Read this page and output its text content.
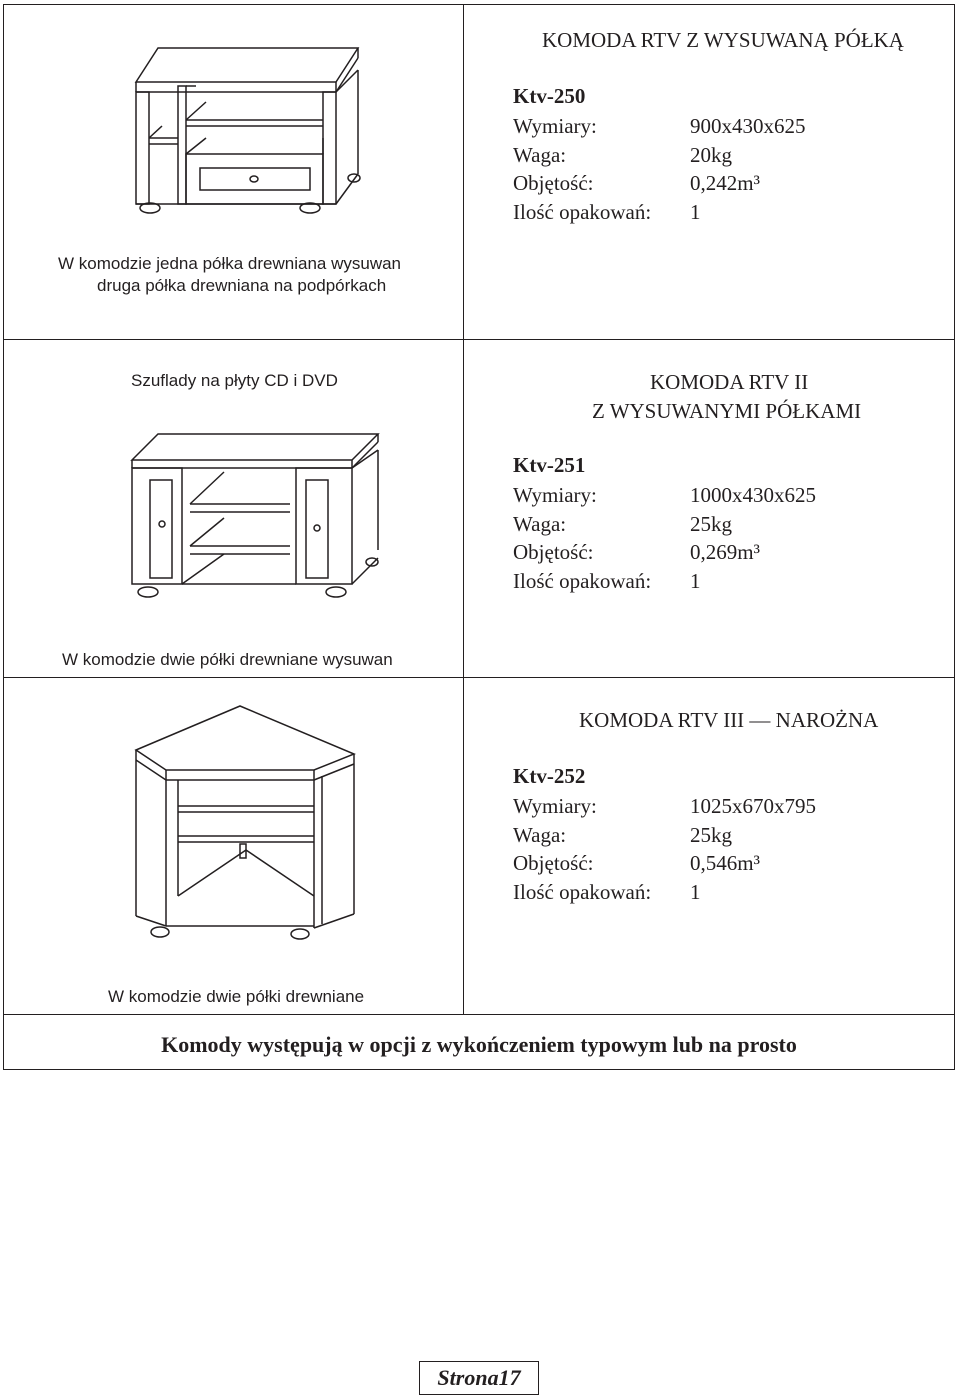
KOMODA RTV Z WYSUWANĄ PÓŁKĄ
Ktv-250
Wymiary:	900x430x625
Waga:	20kg
Objętość:	0,242m³
Ilość opakowań:	1
W komodzie jedna półka drewniana wysuwan
druga półka drewniana na podpórkach
Szuflady na płyty CD i DVD	KOMODA RTV II
Z WYSUWANYMI PÓŁKAMI
Ktv-251
Wymiary:	1000x430x625
Waga:	25kg
Objętość:	0,269m³
Ilość opakowań:	1
W komodzie dwie półki drewniane wysuwan
KOMODA RTV III — NAROŻNA
Ktv-252
Wymiary:	1025x670x795
Waga:	25kg
Objętość:	0,546m³
Ilość opakowań:	1
W komodzie dwie półki drewniane
Komody występują w opcji z wykończeniem typowym lub na prosto
Strona17
